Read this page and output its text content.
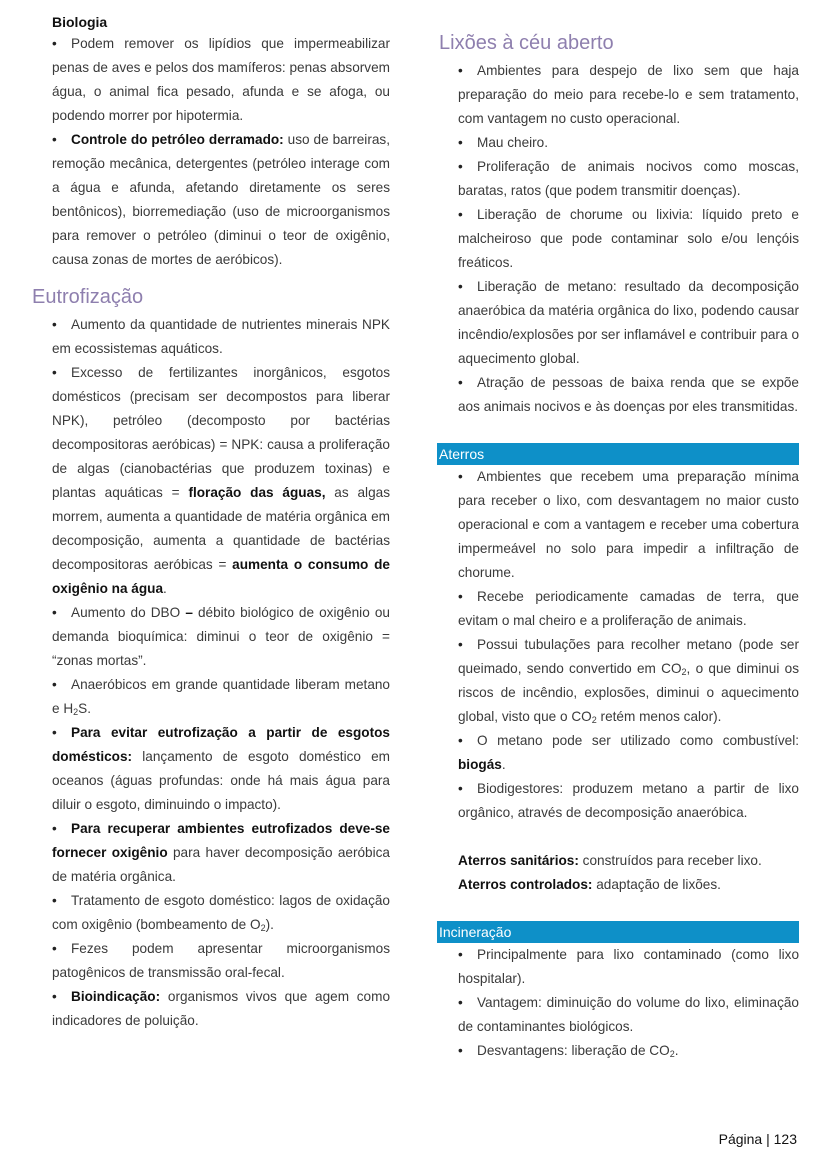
Biologia

• Podem remover os lipídios que impermeabilizar penas de aves e pelos dos mamíferos: penas absorvem água, o animal fica pesado, afunda e se afoga, ou podendo morrer por hipotermia.

• Controle do petróleo derramado: uso de barreiras, remoção mecânica, detergentes (petróleo interage com a água e afunda, afetando diretamente os seres bentônicos), biorremediação (uso de microorganismos para remover o petróleo (diminui o teor de oxigênio, causa zonas de mortes de aeróbicos).

Eutrofização

• Aumento da quantidade de nutrientes minerais NPK em ecossistemas aquáticos.

• Excesso de fertilizantes inorgânicos, esgotos domésticos (precisam ser decompostos para liberar NPK), petróleo (decomposto por bactérias decompositoras aeróbicas) = NPK: causa a proliferação de algas (cianobactérias que produzem toxinas) e plantas aquáticas = floração das águas, as algas morrem, aumenta a quantidade de matéria orgânica em decomposição, aumenta a quantidade de bactérias decompositoras aeróbicas = aumenta o consumo de oxigênio na água.

• Aumento do DBO – débito biológico de oxigênio ou demanda bioquímica: diminui o teor de oxigênio = “zonas mortas”.

• Anaeróbicos em grande quantidade liberam metano e $H_2S$.

• Para evitar eutrofização a partir de esgotos domésticos: lançamento de esgoto doméstico em oceanos (águas profundas: onde há mais água para diluir o esgoto, diminuindo o impacto).

• Para recuperar ambientes eutrofizados deve-se fornecer oxigênio para haver decomposição aeróbica de matéria orgânica.

• Tratamento de esgoto doméstico: lagos de oxidação com oxigênio (bombeamento de $O_2$).

• Fezes podem apresentar microorganismos patogênicos de transmissão oral-fecal.

• Bioindicação: organismos vivos que agem como indicadores de poluição.

Lixões à céu aberto

• Ambientes para despejo de lixo sem que haja preparação do meio para recebe-lo e sem tratamento, com vantagem no custo operacional.

• Mau cheiro.

• Proliferação de animais nocivos como moscas, baratas, ratos (que podem transmitir doenças).

• Liberação de chorume ou lixivia: líquido preto e malcheiroso que pode contaminar solo e/ou lençóis freáticos.

• Liberação de metano: resultado da decomposição anaeróbica da matéria orgânica do lixo, podendo causar incêndio/explosões por ser inflamável e contribuir para o aquecimento global.

• Atração de pessoas de baixa renda que se expõe aos animais nocivos e às doenças por eles transmitidas.

Aterros

• Ambientes que recebem uma preparação mínima para receber o lixo, com desvantagem no maior custo operacional e com a vantagem e receber uma cobertura impermeável no solo para impedir a infiltração de chorume.

• Recebe periodicamente camadas de terra, que evitam o mal cheiro e a proliferação de animais.

• Possui tubulações para recolher metano (pode ser queimado, sendo convertido em $CO_2$, o que diminui os riscos de incêndio, explosões, diminui o aquecimento global, visto que o $CO_2$ retém menos calor).

• O metano pode ser utilizado como combustível: biogás.

• Biodigestores: produzem metano a partir de lixo orgânico, através de decomposição anaeróbica.

Aterros sanitários: construídos para receber lixo.

Aterros controlados: adaptação de lixões.

Incineração

• Principalmente para lixo contaminado (como lixo hospitalar).

• Vantagem: diminuição do volume do lixo, eliminação de contaminantes biológicos.

• Desvantagens: liberação de $CO_2$.

Página | 123
